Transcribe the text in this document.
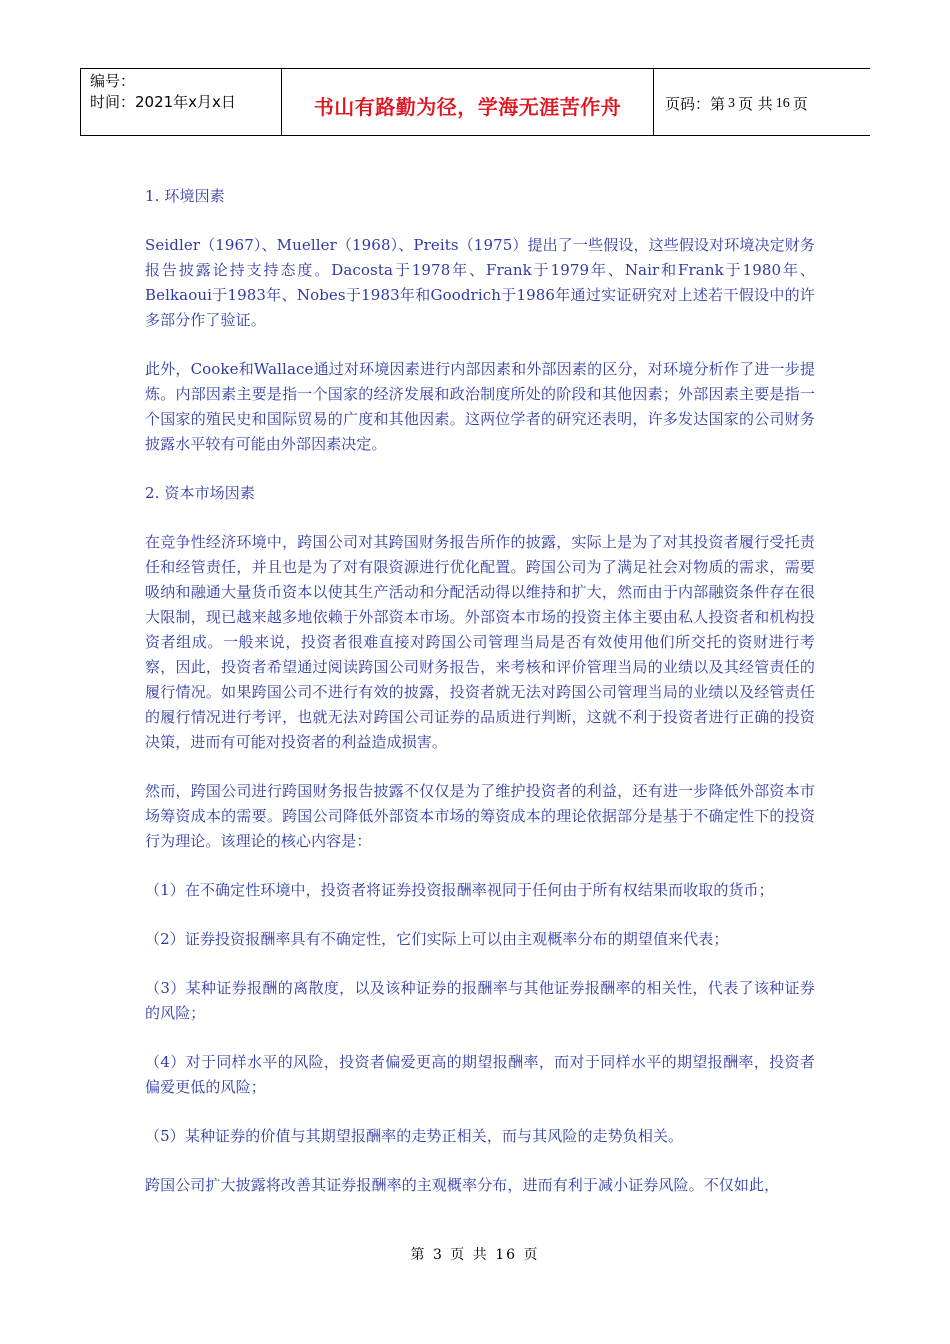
编号：
时间：2021年x月x日	书山有路勤为径，学海无涯苦作舟	页码：第 3 页 共 16 页

1. 环境因素

Seidler（1967）、Mueller（1968）、Preits（1975）提出了一些假设，这些假设对环境决定财务报告披露论持支持态度。Dacosta于1978年、Frank于1979年、Nair和Frank于1980年、Belkaoui于1983年、Nobes于1983年和Goodrich于1986年通过实证研究对上述若干假设中的许多部分作了验证。

此外，Cooke和Wallace通过对环境因素进行内部因素和外部因素的区分，对环境分析作了进一步提炼。内部因素主要是指一个国家的经济发展和政治制度所处的阶段和其他因素；外部因素主要是指一个国家的殖民史和国际贸易的广度和其他因素。这两位学者的研究还表明，许多发达国家的公司财务披露水平较有可能由外部因素决定。

2. 资本市场因素

在竞争性经济环境中，跨国公司对其跨国财务报告所作的披露，实际上是为了对其投资者履行受托责任和经管责任，并且也是为了对有限资源进行优化配置。跨国公司为了满足社会对物质的需求，需要吸纳和融通大量货币资本以使其生产活动和分配活动得以维持和扩大，然而由于内部融资条件存在很大限制，现已越来越多地依赖于外部资本市场。外部资本市场的投资主体主要由私人投资者和机构投资者组成。一般来说，投资者很难直接对跨国公司管理当局是否有效使用他们所交托的资财进行考察，因此，投资者希望通过阅读跨国公司财务报告，来考核和评价管理当局的业绩以及其经管责任的履行情况。如果跨国公司不进行有效的披露，投资者就无法对跨国公司管理当局的业绩以及经管责任的履行情况进行考评，也就无法对跨国公司证券的品质进行判断，这就不利于投资者进行正确的投资决策，进而有可能对投资者的利益造成损害。

然而，跨国公司进行跨国财务报告披露不仅仅是为了维护投资者的利益，还有进一步降低外部资本市场筹资成本的需要。跨国公司降低外部资本市场的筹资成本的理论依据部分是基于不确定性下的投资行为理论。该理论的核心内容是：

（1）在不确定性环境中，投资者将证券投资报酬率视同于任何由于所有权结果而收取的货币；

（2）证券投资报酬率具有不确定性，它们实际上可以由主观概率分布的期望值来代表；

（3）某种证券报酬的离散度，以及该种证券的报酬率与其他证券报酬率的相关性，代表了该种证券的风险；

（4）对于同样水平的风险，投资者偏爱更高的期望报酬率，而对于同样水平的期望报酬率，投资者偏爱更低的风险；

（5）某种证券的价值与其期望报酬率的走势正相关，而与其风险的走势负相关。

跨国公司扩大披露将改善其证券报酬率的主观概率分布，进而有利于减小证券风险。不仅如此，

第 3 页 共 16 页
